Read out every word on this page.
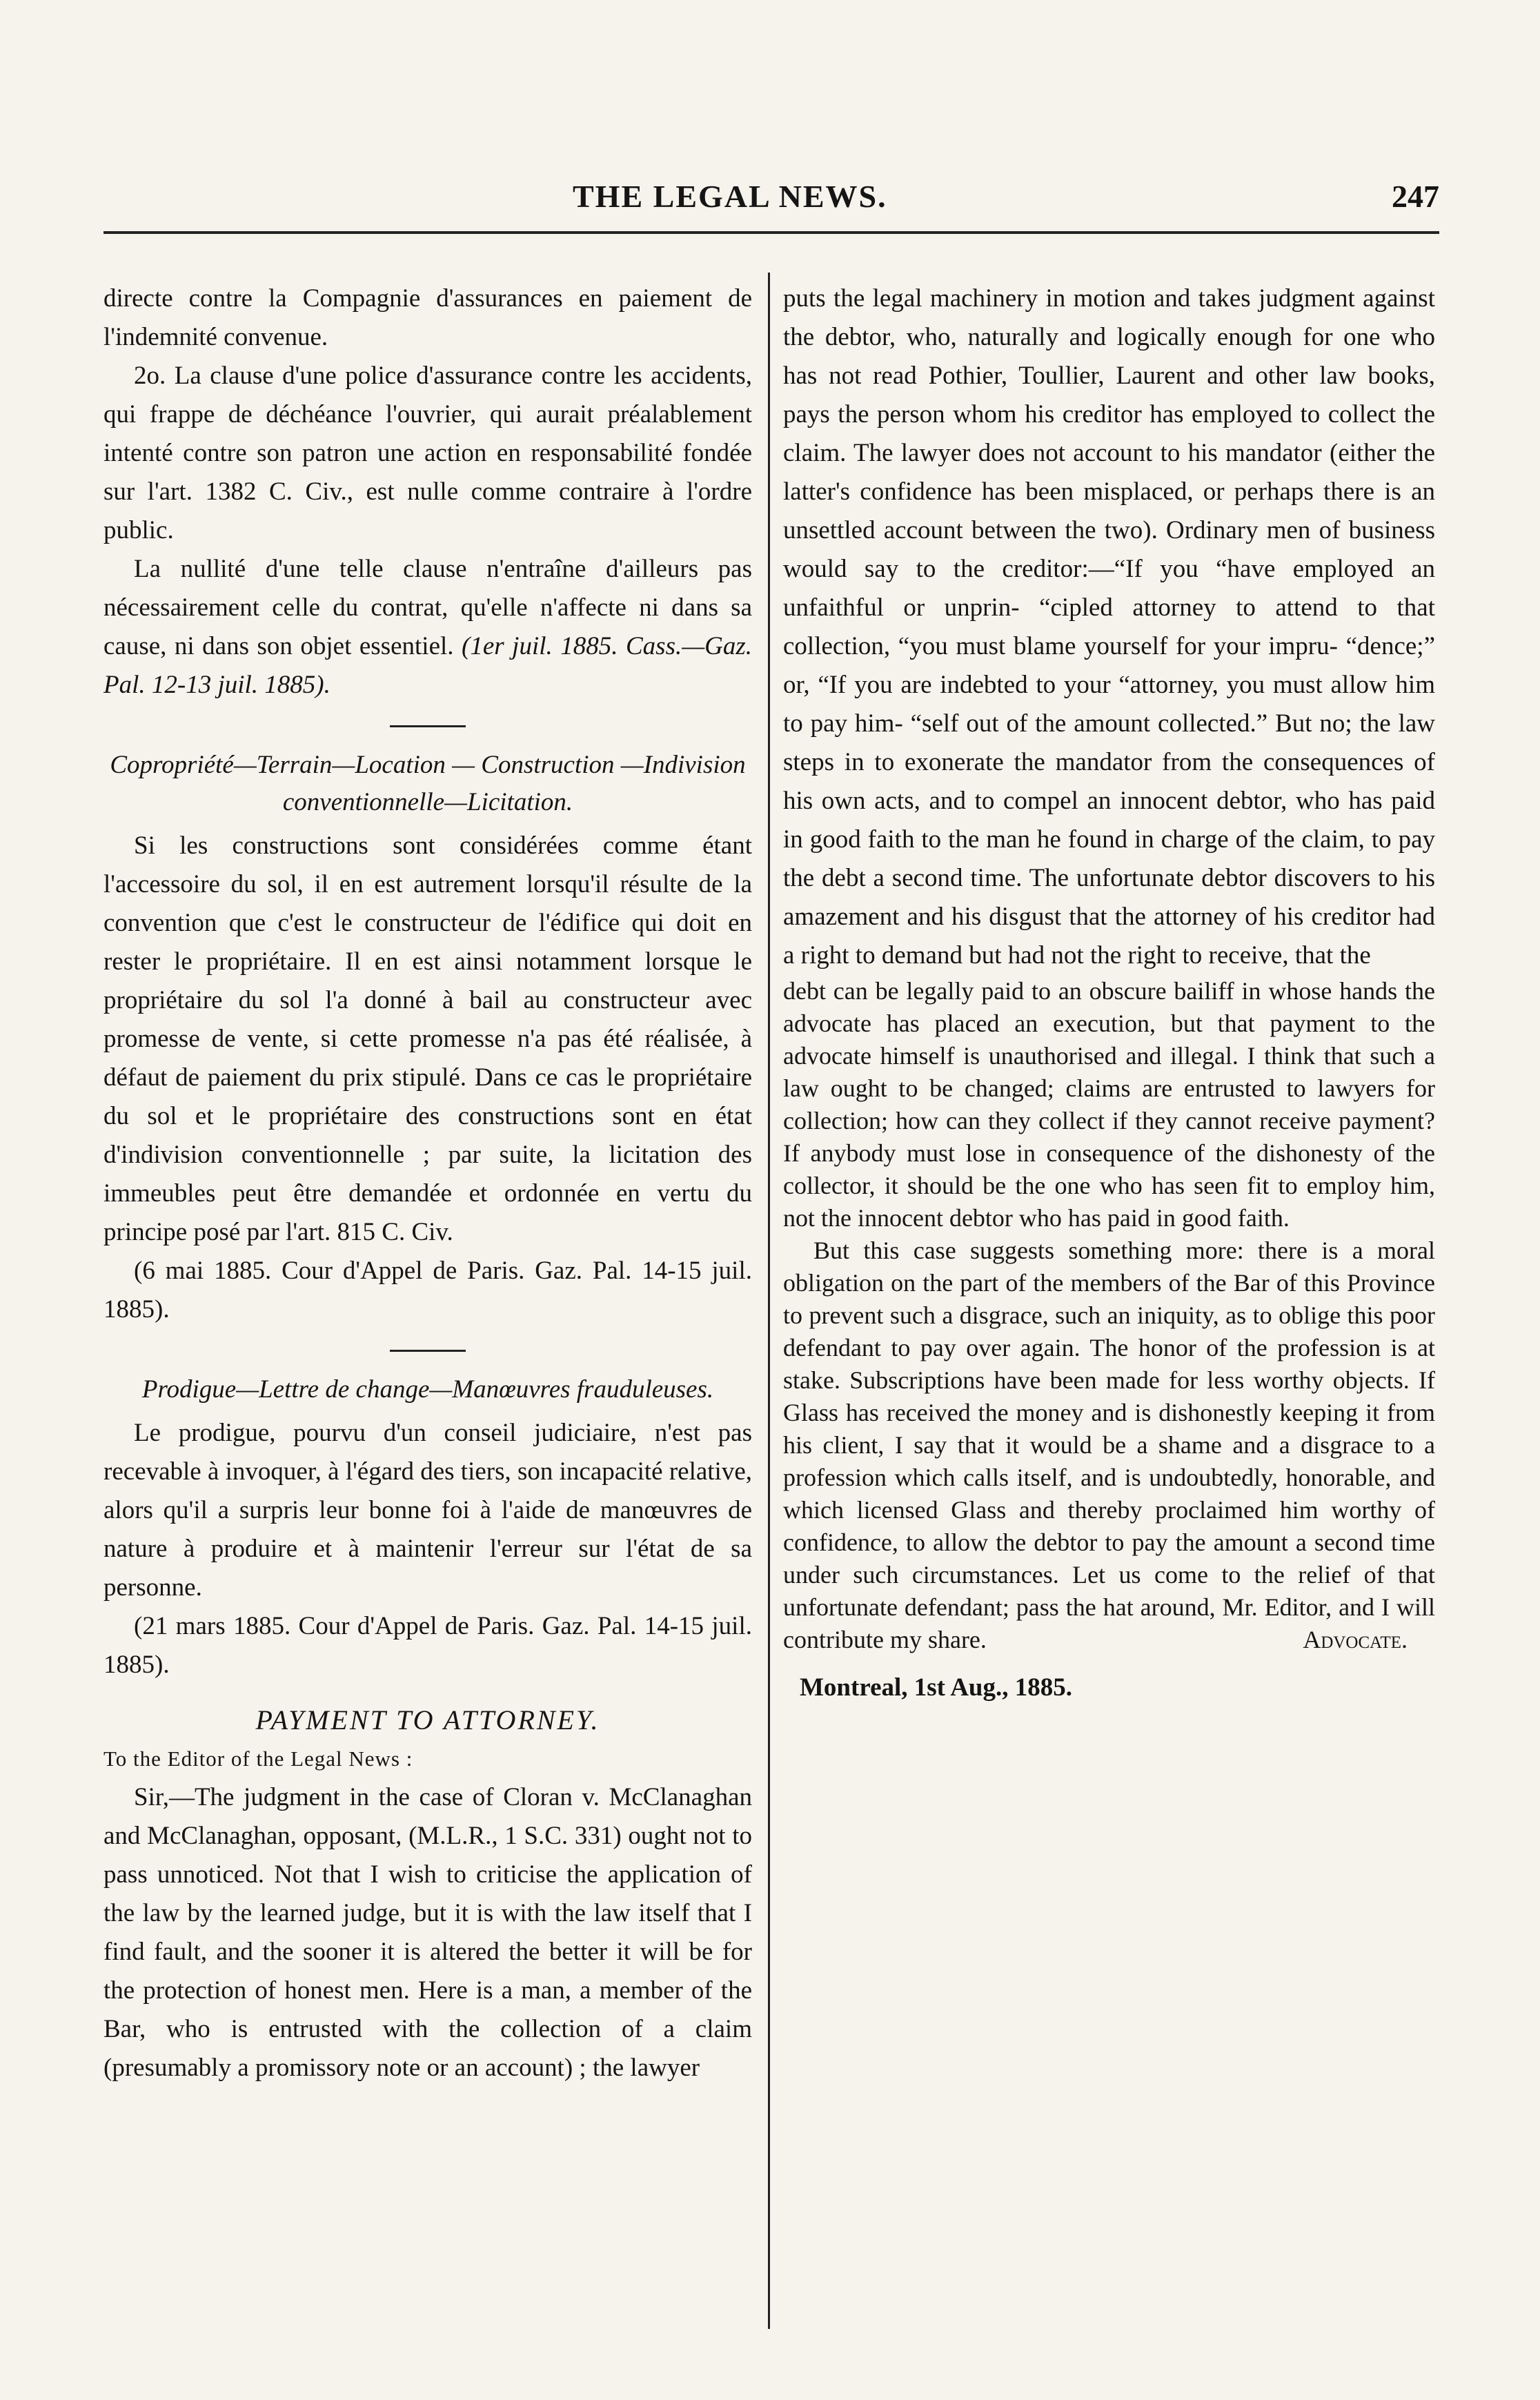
THE LEGAL NEWS.	247

directe contre la Compagnie d'assurances en paiement de l'indemnité convenue.

2o. La clause d'une police d'assurance contre les accidents, qui frappe de déchéance l'ouvrier, qui aurait préalablement intenté contre son patron une action en responsabilité fondée sur l'art. 1382 C. Civ., est nulle comme contraire à l'ordre public.

La nullité d'une telle clause n'entraîne d'ailleurs pas nécessairement celle du contrat, qu'elle n'affecte ni dans sa cause, ni dans son objet essentiel. (1er juil. 1885. Cass.—Gaz. Pal. 12-13 juil. 1885).

Copropriété—Terrain—Location — Construction —Indivision conventionnelle—Licitation.

Si les constructions sont considérées comme étant l'accessoire du sol, il en est autrement lorsqu'il résulte de la convention que c'est le constructeur de l'édifice qui doit en rester le propriétaire. Il en est ainsi notamment lorsque le propriétaire du sol l'a donné à bail au constructeur avec promesse de vente, si cette promesse n'a pas été réalisée, à défaut de paiement du prix stipulé. Dans ce cas le propriétaire du sol et le propriétaire des constructions sont en état d'indivision conventionnelle ; par suite, la licitation des immeubles peut être demandée et ordonnée en vertu du principe posé par l'art. 815 C. Civ.

(6 mai 1885. Cour d'Appel de Paris. Gaz. Pal. 14-15 juil. 1885).

Prodigue—Lettre de change—Manœuvres frauduleuses.

Le prodigue, pourvu d'un conseil judiciaire, n'est pas recevable à invoquer, à l'égard des tiers, son incapacité relative, alors qu'il a surpris leur bonne foi à l'aide de manœuvres de nature à produire et à maintenir l'erreur sur l'état de sa personne.

(21 mars 1885. Cour d'Appel de Paris. Gaz. Pal. 14-15 juil. 1885).

PAYMENT TO ATTORNEY.

To the Editor of the Legal News :

Sir,—The judgment in the case of Cloran v. McClanaghan and McClanaghan, opposant, (M.L.R., 1 S.C. 331) ought not to pass unnoticed. Not that I wish to criticise the application of the law by the learned judge, but it is with the law itself that I find fault, and the sooner it is altered the better it will be for the protection of honest men. Here is a man, a member of the Bar, who is entrusted with the collection of a claim (presumably a promissory note or an account) ; the lawyer

puts the legal machinery in motion and takes judgment against the debtor, who, naturally and logically enough for one who has not read Pothier, Toullier, Laurent and other law books, pays the person whom his creditor has employed to collect the claim. The lawyer does not account to his mandator (either the latter's confidence has been misplaced, or perhaps there is an unsettled account between the two). Ordinary men of business would say to the creditor:—“If you “have employed an unfaithful or unprin- “cipled attorney to attend to that collection, “you must blame yourself for your impru- “dence;” or, “If you are indebted to your “attorney, you must allow him to pay him- “self out of the amount collected.” But no; the law steps in to exonerate the mandator from the consequences of his own acts, and to compel an innocent debtor, who has paid in good faith to the man he found in charge of the claim, to pay the debt a second time. The unfortunate debtor discovers to his amazement and his disgust that the attorney of his creditor had a right to demand but had not the right to receive, that the

debt can be legally paid to an obscure bailiff in whose hands the advocate has placed an execution, but that payment to the advocate himself is unauthorised and illegal. I think that such a law ought to be changed; claims are entrusted to lawyers for collection; how can they collect if they cannot receive payment? If anybody must lose in consequence of the dishonesty of the collector, it should be the one who has seen fit to employ him, not the innocent debtor who has paid in good faith.

But this case suggests something more: there is a moral obligation on the part of the members of the Bar of this Province to prevent such a disgrace, such an iniquity, as to oblige this poor defendant to pay over again. The honor of the profession is at stake. Subscriptions have been made for less worthy objects. If Glass has received the money and is dishonestly keeping it from his client, I say that it would be a shame and a disgrace to a profession which calls itself, and is undoubtedly, honorable, and which licensed Glass and thereby proclaimed him worthy of confidence, to allow the debtor to pay the amount a second time under such circumstances. Let us come to the relief of that unfortunate defendant; pass the hat around, Mr. Editor, and I will contribute my share.	Advocate.

Montreal, 1st Aug., 1885.
